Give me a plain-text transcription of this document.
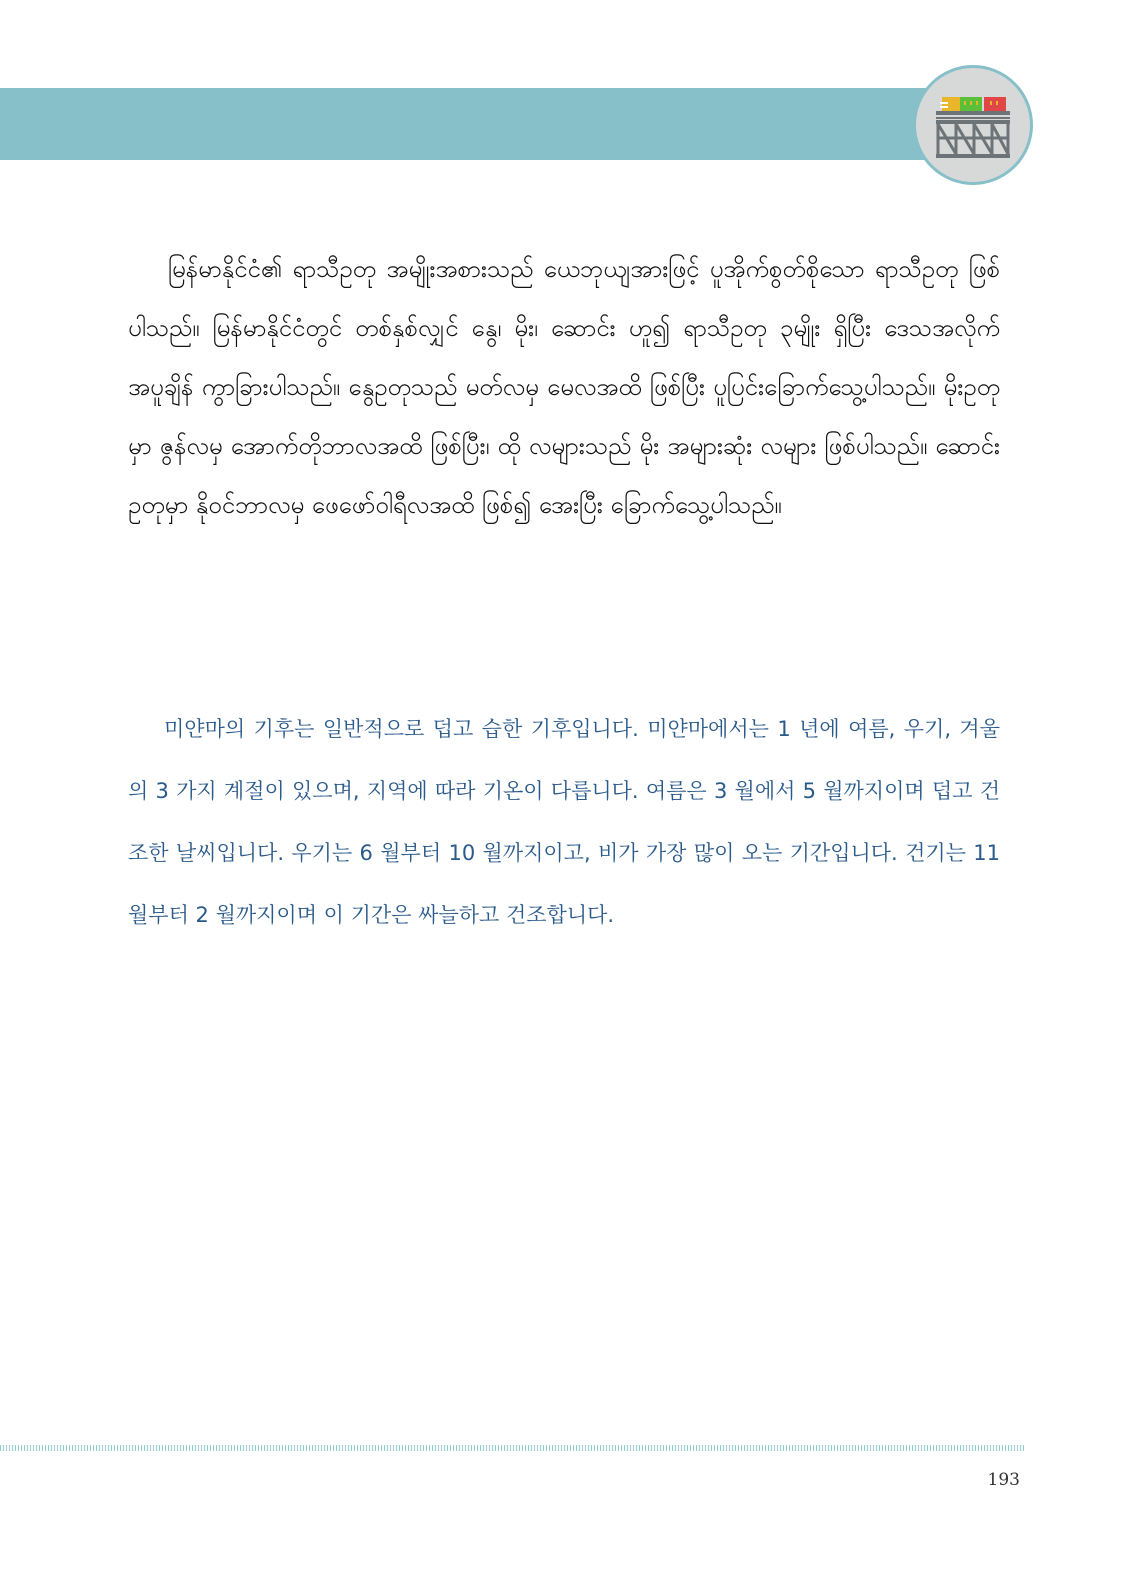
မြန်မာနိုင်ငံ၏ ရာသီဥတု အမျိုးအစားသည် ယေဘုယျအားဖြင့် ပူအိုက်စွတ်စိုသော ရာသီဥတု ဖြစ်ပါသည်။ မြန်မာနိုင်ငံတွင် တစ်နှစ်လျှင် နွေ၊ မိုး၊ ဆောင်း ဟူ၍ ရာသီဥတု ၃မျိုး ရှိပြီး ဒေသအလိုက် အပူချိန် ကွာခြားပါသည်။ နွေဥတုသည် မတ်လမှ မေလအထိ ဖြစ်ပြီး ပူပြင်းခြောက်သွေ့ပါသည်။ မိုးဥတုမှာ ဇွန်လမှ အောက်တိုဘာလအထိ ဖြစ်ပြီး၊ ထို လများသည် မိုး အများဆုံး လများ ဖြစ်ပါသည်။ ဆောင်းဥတုမှာ နိုဝင်ဘာလမှ ဖေဖော်ဝါရီလအထိ ဖြစ်၍ အေးပြီး ခြောက်သွေ့ပါသည်။

미얀마의 기후는 일반적으로 덥고 습한 기후입니다. 미얀마에서는 1 년에 여름, 우기, 겨울의 3 가지 계절이 있으며, 지역에 따라 기온이 다릅니다. 여름은 3 월에서 5 월까지이며 덥고 건조한 날씨입니다. 우기는 6 월부터 10 월까지이고, 비가 가장 많이 오는 기간입니다. 건기는 11 월부터 2 월까지이며 이 기간은 싸늘하고 건조합니다.

193
